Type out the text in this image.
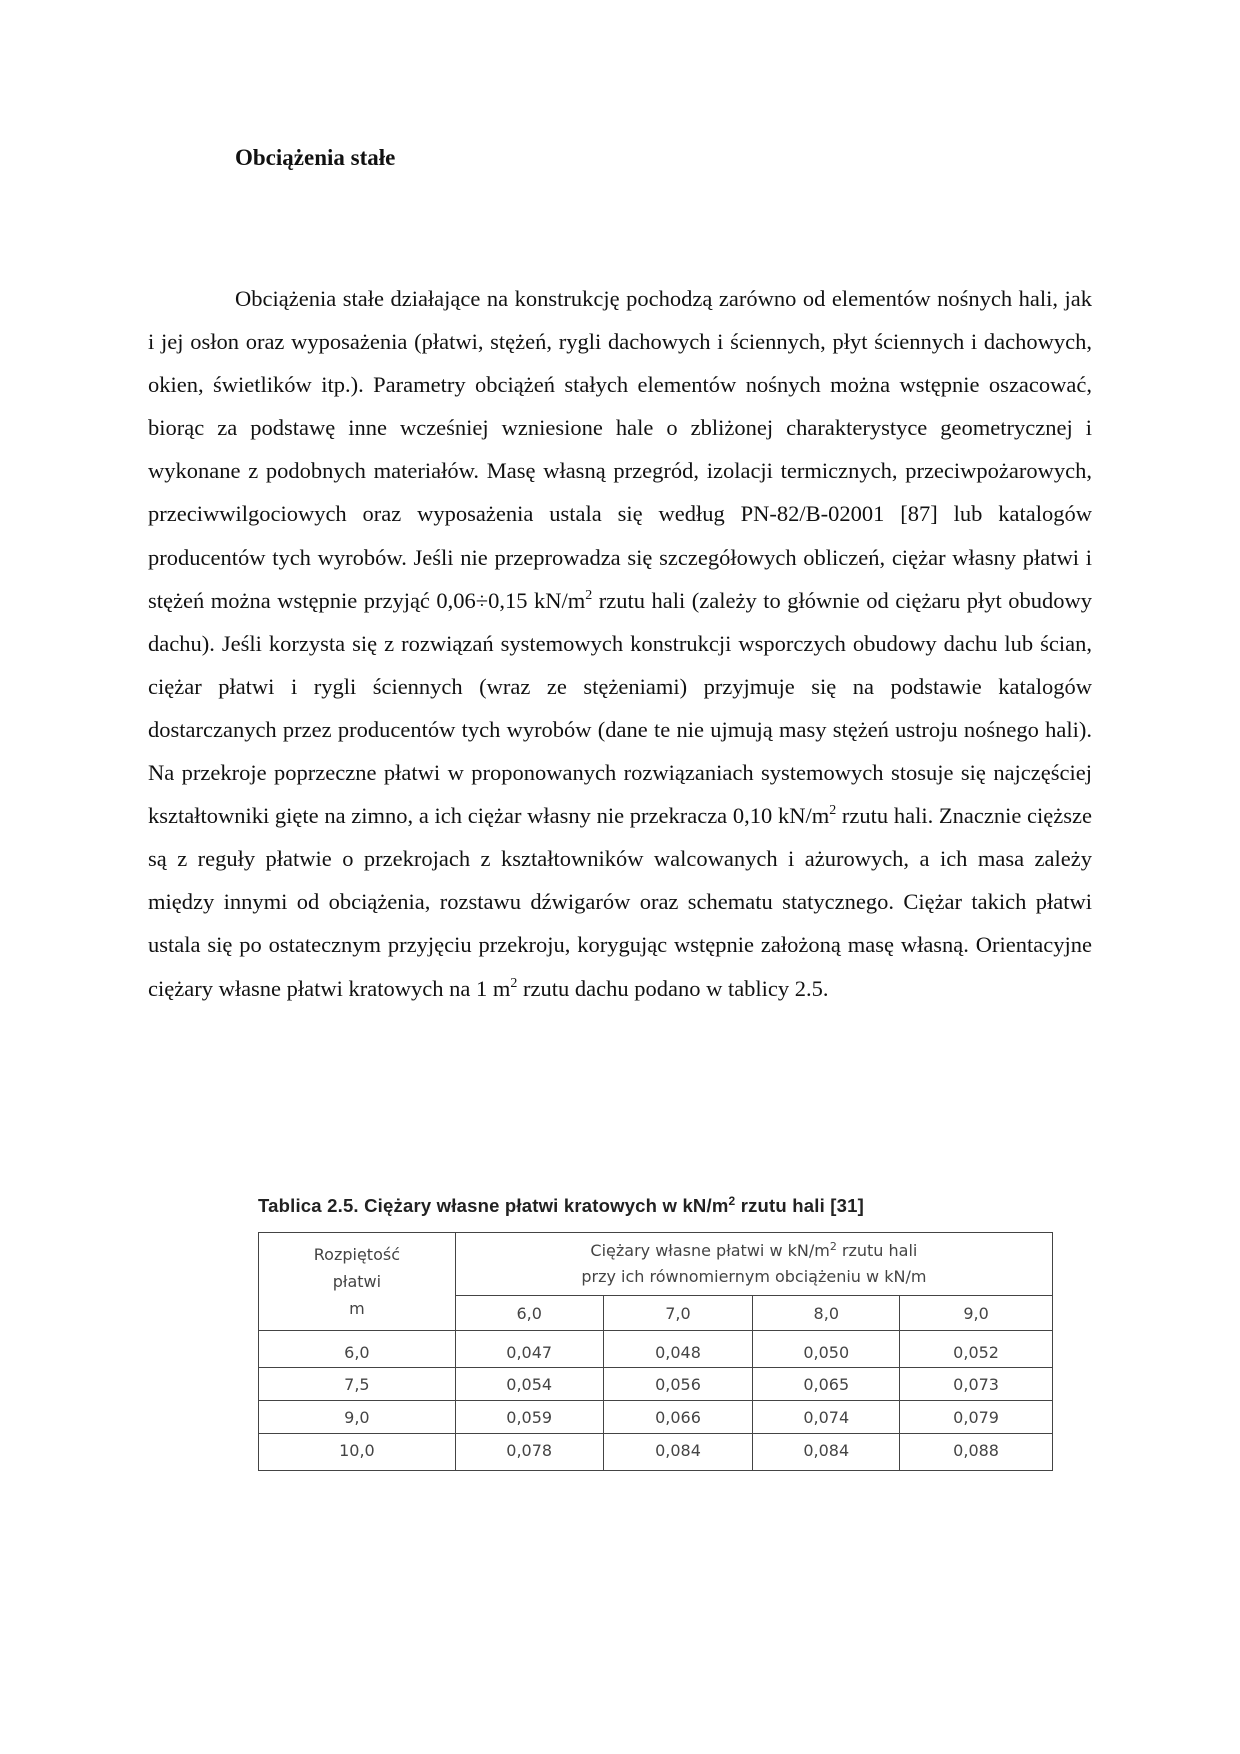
Obciążenia stałe

Obciążenia stałe działające na konstrukcję pochodzą zarówno od elementów nośnych hali, jak i jej osłon oraz wyposażenia (płatwi, stężeń, rygli dachowych i ściennych, płyt ściennych i dachowych, okien, świetlików itp.). Parametry obciążeń stałych elementów nośnych można wstępnie oszacować, biorąc za podstawę inne wcześniej wzniesione hale o zbliżonej charakterystyce geometrycznej i wykonane z podobnych materiałów. Masę własną przegród, izolacji termicznych, przeciwpożarowych, przeciwwilgociowych oraz wyposażenia ustala się według PN-82/B-02001 [87] lub katalogów producentów tych wyrobów. Jeśli nie przeprowadza się szczegółowych obliczeń, ciężar własny płatwi i stężeń można wstępnie przyjąć 0,06÷0,15 $kN/m^2$ rzutu hali (zależy to głównie od ciężaru płyt obudowy dachu). Jeśli korzysta się z rozwiązań systemowych konstrukcji wsporczych obudowy dachu lub ścian, ciężar płatwi i rygli ściennych (wraz ze stężeniami) przyjmuje się na podstawie katalogów dostarczanych przez producentów tych wyrobów (dane te nie ujmują masy stężeń ustroju nośnego hali). Na przekroje poprzeczne płatwi w proponowanych rozwiązaniach systemowych stosuje się najczęściej kształtowniki gięte na zimno, a ich ciężar własny nie przekracza 0,10 $kN/m^2$ rzutu hali. Znacznie cięższe są z reguły płatwie o przekrojach z kształtowników walcowanych i ażurowych, a ich masa zależy między innymi od obciążenia, rozstawu dźwigarów oraz schematu statycznego. Ciężar takich płatwi ustala się po ostatecznym przyjęciu przekroju, korygując wstępnie założoną masę własną. Orientacyjne ciężary własne płatwi kratowych na 1 $m^2$ rzutu dachu podano w tablicy 2.5.

Tablica 2.5. Ciężary własne płatwi kratowych w $kN/m^2$ rzutu hali [31]
Rozpiętość
płatwi
m	Ciężary własne płatwi w $kN/m^2$ rzutu hali
przy ich równomiernym obciążeniu w kN/m			
	6,0	7,0	8,0	9,0
6,0	0,047	0,048	0,050	0,052
7,5	0,054	0,056	0,065	0,073
9,0	0,059	0,066	0,074	0,079
10,0	0,078	0,084	0,084	0,088
